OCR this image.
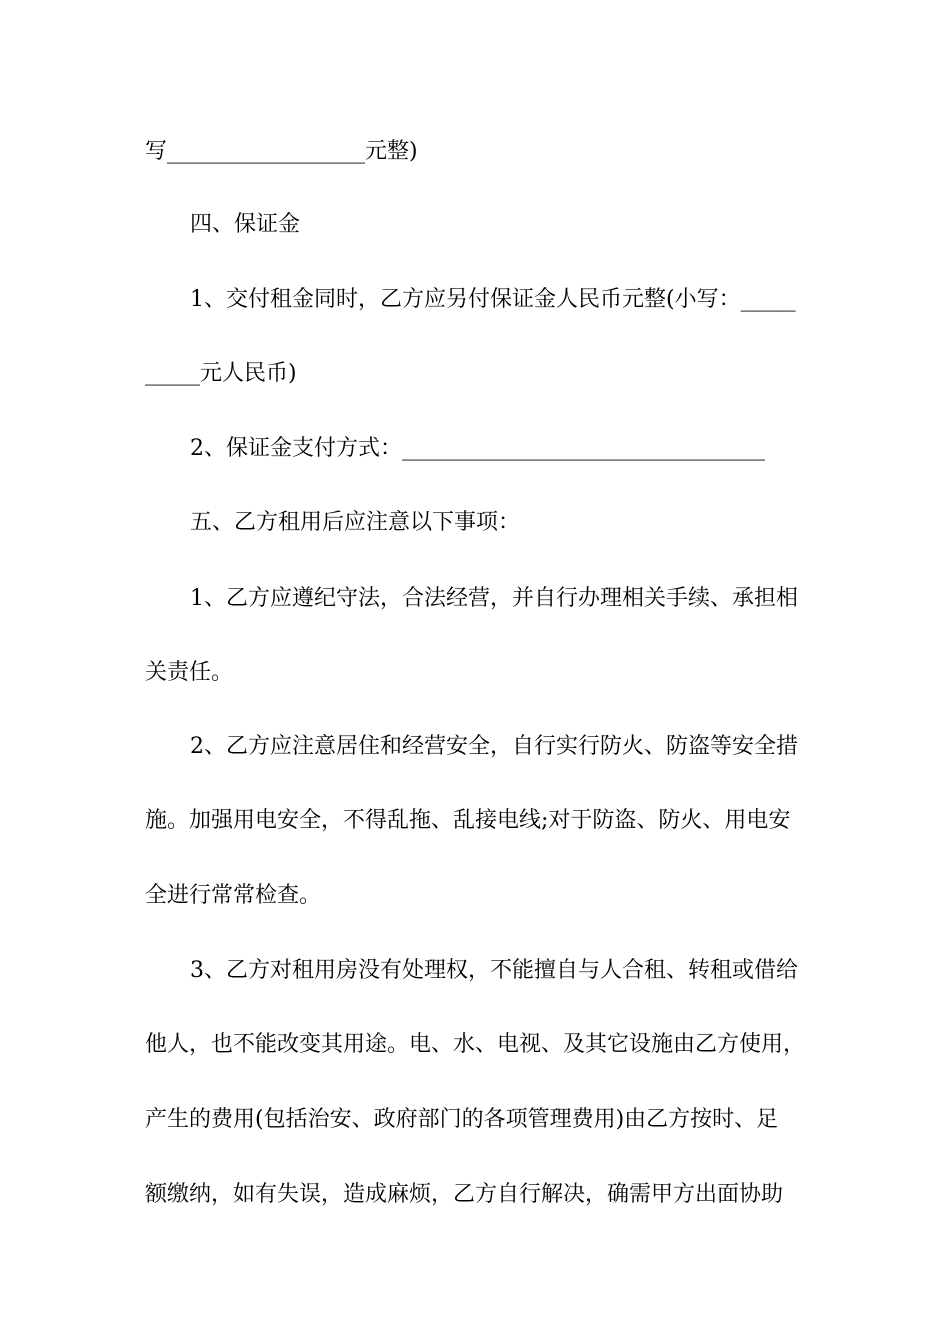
写__________________元整)
四、保证金
1、交付租金同时，乙方应另付保证金人民币元整(小写：_____
_____元人民币)
2、保证金支付方式：_________________________________
五、乙方租用后应注意以下事项：
1、乙方应遵纪守法，合法经营，并自行办理相关手续、承担相
关责任。
2、乙方应注意居住和经营安全，自行实行防火、防盗等安全措
施。加强用电安全，不得乱拖、乱接电线;对于防盗、防火、用电安
全进行常常检查。
3、乙方对租用房没有处理权，不能擅自与人合租、转租或借给
他人，也不能改变其用途。电、水、电视、及其它设施由乙方使用，
产生的费用(包括治安、政府部门的各项管理费用)由乙方按时、足
额缴纳，如有失误，造成麻烦，乙方自行解决，确需甲方出面协助
